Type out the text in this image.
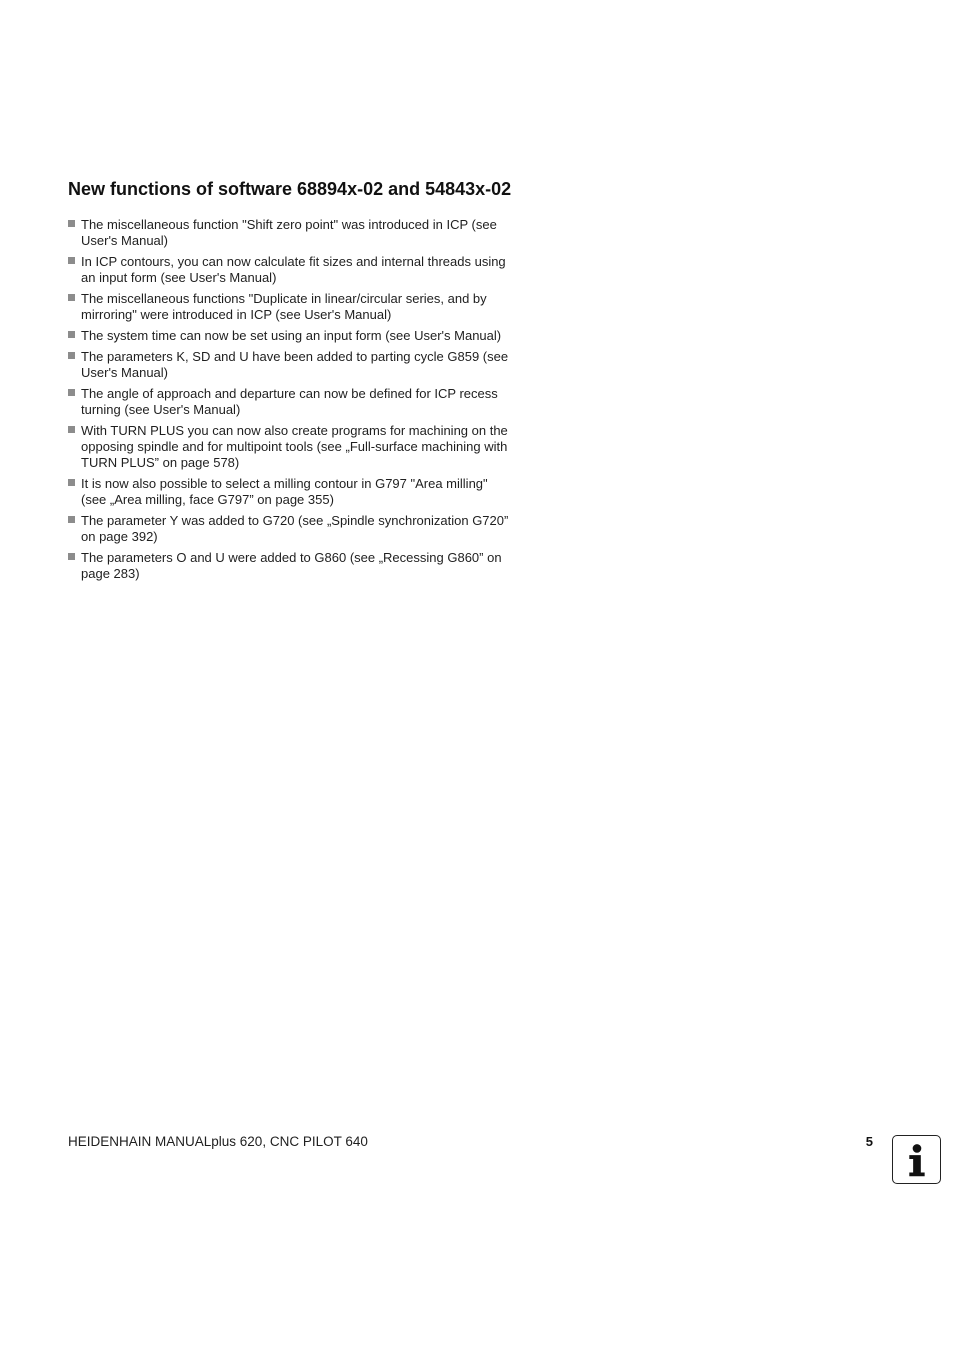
New functions of software 68894x-02 and 54843x-02
The miscellaneous function "Shift zero point" was introduced in ICP (see User's Manual)
In ICP contours, you can now calculate fit sizes and internal threads using an input form (see User's Manual)
The miscellaneous functions "Duplicate in linear/circular series, and by mirroring" were introduced in ICP (see User's Manual)
The system time can now be set using an input form (see User's Manual)
The parameters K, SD and U have been added to parting cycle G859 (see User's Manual)
The angle of approach and departure can now be defined for ICP recess turning (see User's Manual)
With TURN PLUS you can now also create programs for machining on the opposing spindle and for multipoint tools (see „Full-surface machining with TURN PLUS” on page 578)
It is now also possible to select a milling contour in G797 "Area milling" (see „Area milling, face G797” on page 355)
The parameter Y was added to G720 (see „Spindle synchronization G720” on page 392)
The parameters O and U were added to G860 (see „Recessing G860” on page 283)
HEIDENHAIN MANUALplus 620, CNC PILOT 640	5
